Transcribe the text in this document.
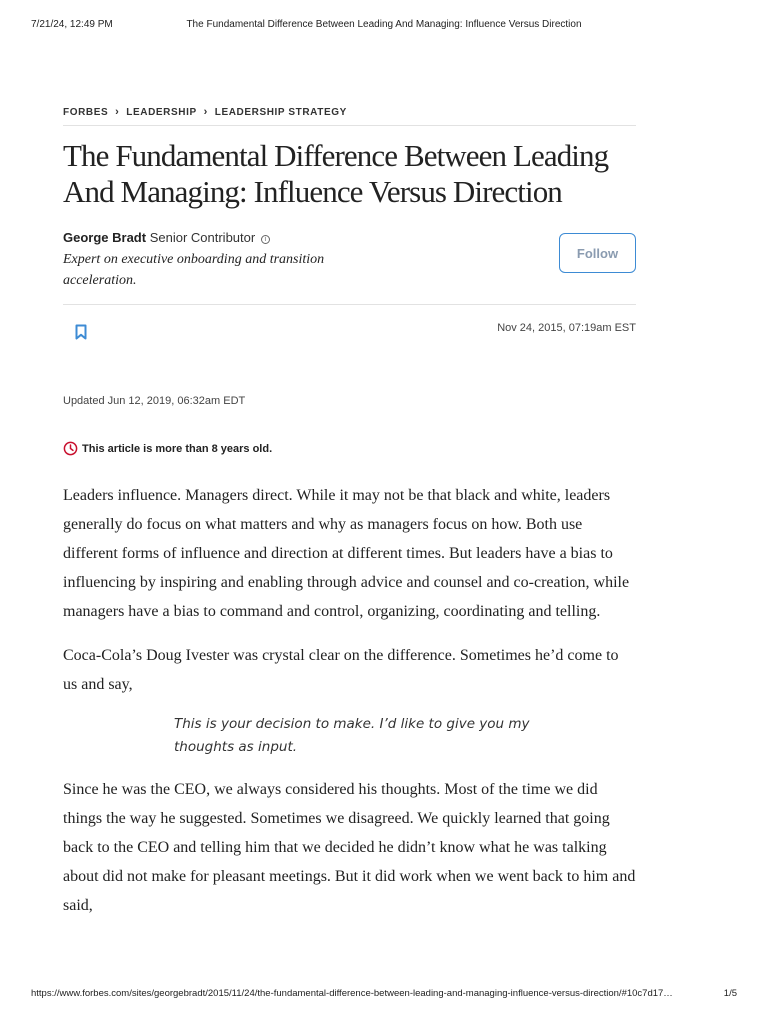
7/21/24, 12:49 PM	The Fundamental Difference Between Leading And Managing: Influence Versus Direction
FORBES › LEADERSHIP › LEADERSHIP STRATEGY
The Fundamental Difference Between Leading And Managing: Influence Versus Direction
George Bradt Senior Contributor i
Expert on executive onboarding and transition acceleration.
Follow
Nov 24, 2015, 07:19am EST
Updated Jun 12, 2019, 06:32am EDT
This article is more than 8 years old.

Leaders influence. Managers direct. While it may not be that black and white, leaders generally do focus on what matters and why as managers focus on how. Both use different forms of influence and direction at different times. But leaders have a bias to influencing by inspiring and enabling through advice and counsel and co-creation, while managers have a bias to command and control, organizing, coordinating and telling.

Coca-Cola’s Doug Ivester was crystal clear on the difference. Sometimes he’d come to us and say,

This is your decision to make. I’d like to give you my thoughts as input.

Since he was the CEO, we always considered his thoughts. Most of the time we did things the way he suggested. Sometimes we disagreed. We quickly learned that going back to the CEO and telling him that we decided he didn’t know what he was talking about did not make for pleasant meetings. But it did work when we went back to him and said,

https://www.forbes.com/sites/georgebradt/2015/11/24/the-fundamental-difference-between-leading-and-managing-influence-versus-direction/#10c7d17…	1/5
